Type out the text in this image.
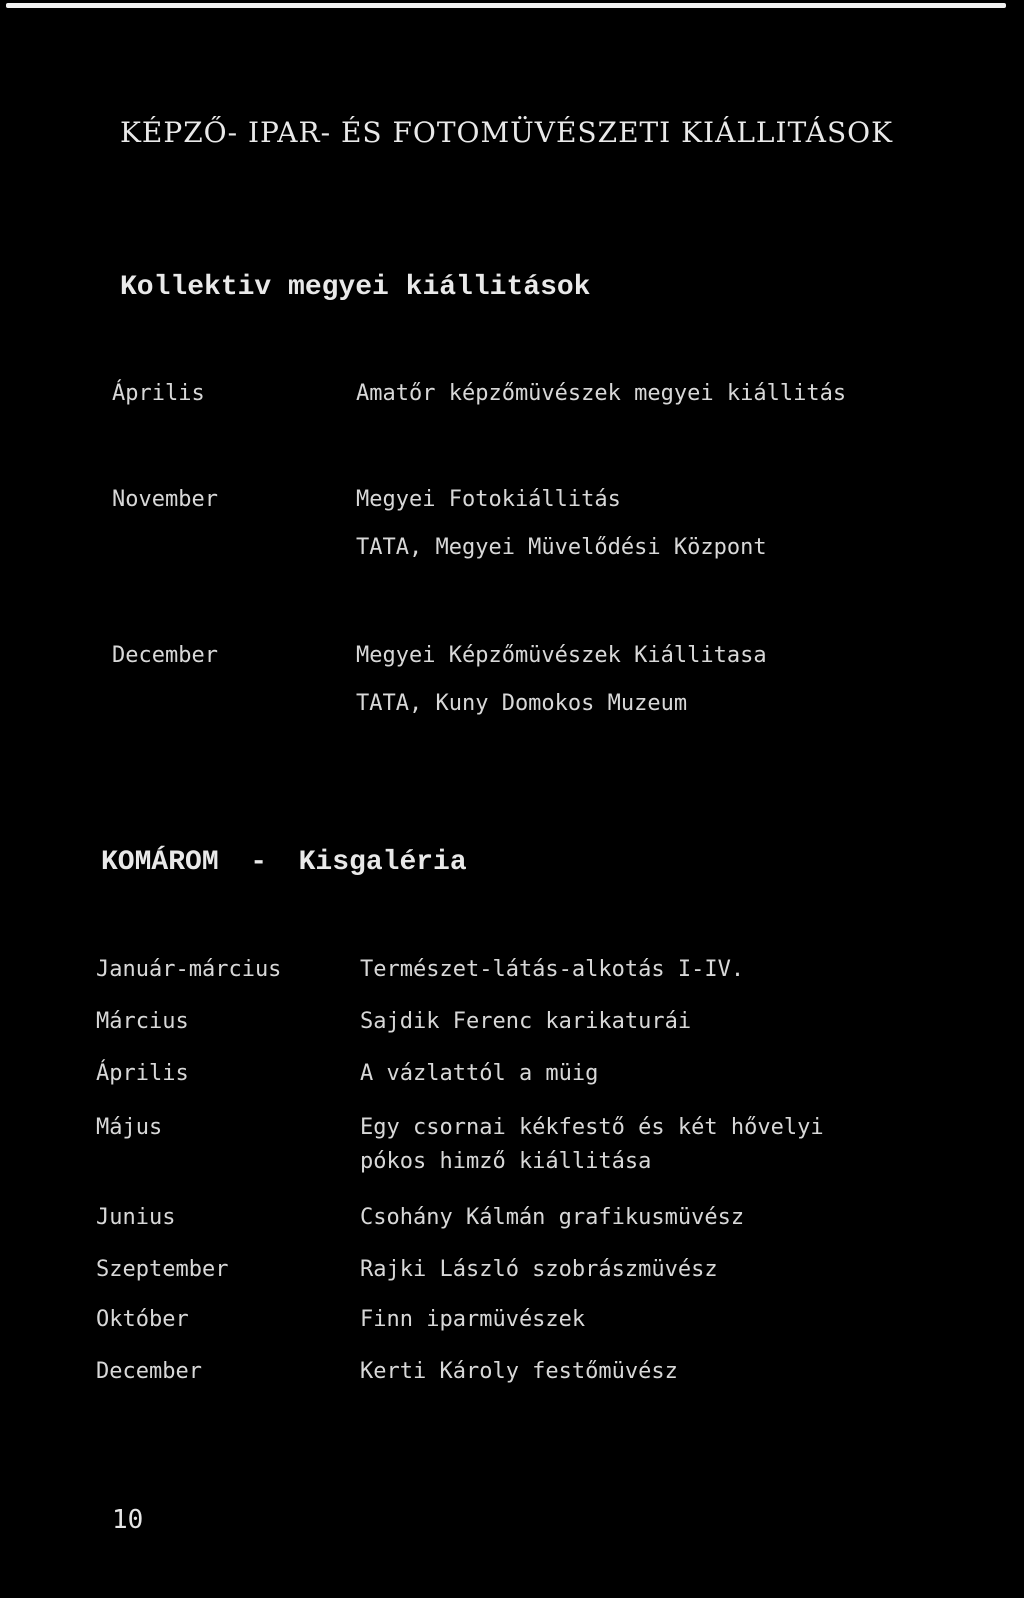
KÉPZŐ- IPAR- ÉS FOTOMÜVÉSZETI KIÁLLITÁSOK
Kollektiv megyei kiállitások
Április	Amatőr képzőmüvészek megyei kiállitás
November	Megyei Fotokiállitás
TATA, Megyei Müvelődési Központ
December	Megyei Képzőmüvészek Kiállitasa
TATA, Kuny Domokos Muzeum
KOMÁROM - Kisgaléria
Január-március	Természet-látás-alkotás I-IV.
Március	Sajdik Ferenc karikaturái
Április	A vázlattól a müig
Május	Egy csornai kékfestő és két hővelyi
pókos himző kiállitása
Junius	Csohány Kálmán grafikusmüvész
Szeptember	Rajki László szobrászmüvész
Október	Finn iparmüvészek
December	Kerti Károly festőmüvész
10
